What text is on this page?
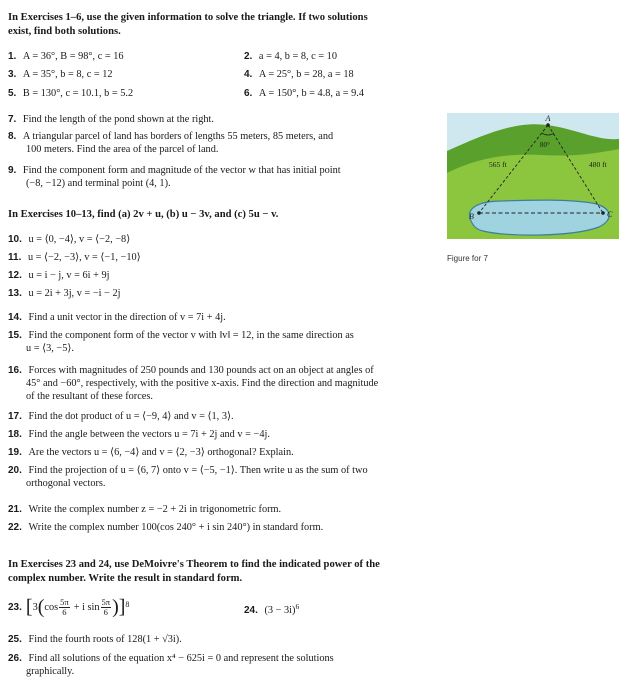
In Exercises 1–6, use the given information to solve the triangle. If two solutions
exist, find both solutions.
1. A = 36°, B = 98°, c = 16	2. a = 4, b = 8, c = 10
3. A = 35°, b = 8, c = 12	4. A = 25°, b = 28, a = 18
5. B = 130°, c = 10.1, b = 5.2	6. A = 150°, b = 4.8, a = 9.4
7. Find the length of the pond shown at the right.
8. A triangular parcel of land has borders of lengths 55 meters, 85 meters, and
100 meters. Find the area of the parcel of land.
9. Find the component form and magnitude of the vector w that has initial point
(−8, −12) and terminal point (4, 1).
In Exercises 10–13, find (a) 2v + u, (b) u − 3v, and (c) 5u − v.
10. u = ⟨0, −4⟩, v = ⟨−2, −8⟩
11. u = ⟨−2, −3⟩, v = ⟨−1, −10⟩
12. u = i − j, v = 6i + 9j
13. u = 2i + 3j, v = −i − 2j
14. Find a unit vector in the direction of v = 7i + 4j.
15. Find the component form of the vector v with ‖v‖ = 12, in the same direction as
u = ⟨3, −5⟩.
16. Forces with magnitudes of 250 pounds and 130 pounds act on an object at angles of
45° and −60°, respectively, with the positive x-axis. Find the direction and magnitude
of the resultant of these forces.
17. Find the dot product of u = ⟨−9, 4⟩ and v = ⟨1, 3⟩.
18. Find the angle between the vectors u = 7i + 2j and v = −4j.
19. Are the vectors u = ⟨6, −4⟩ and v = ⟨2, −3⟩ orthogonal? Explain.
20. Find the projection of u = ⟨6, 7⟩ onto v = ⟨−5, −1⟩. Then write u as the sum of two
orthogonal vectors.
21. Write the complex number z = −2 + 2i in trigonometric form.
22. Write the complex number 100(cos 240° + i sin 240°) in standard form.
In Exercises 23 and 24, use DeMoivre's Theorem to find the indicated power of the
complex number. Write the result in standard form.
23. [ 3 ( $\cos \frac{5\pi}{6} + i$ $\sin \frac{5\pi}{6}$ ) ]$^8$
24. $(3 - 3i)^6$
25. Find the fourth roots of 128(1 + √3i).
26. Find all solutions of the equation x⁴ − 625i = 0 and represent the solutions
graphically.
A
B	C
565 ft	480 ft
80°
Figure for 7
